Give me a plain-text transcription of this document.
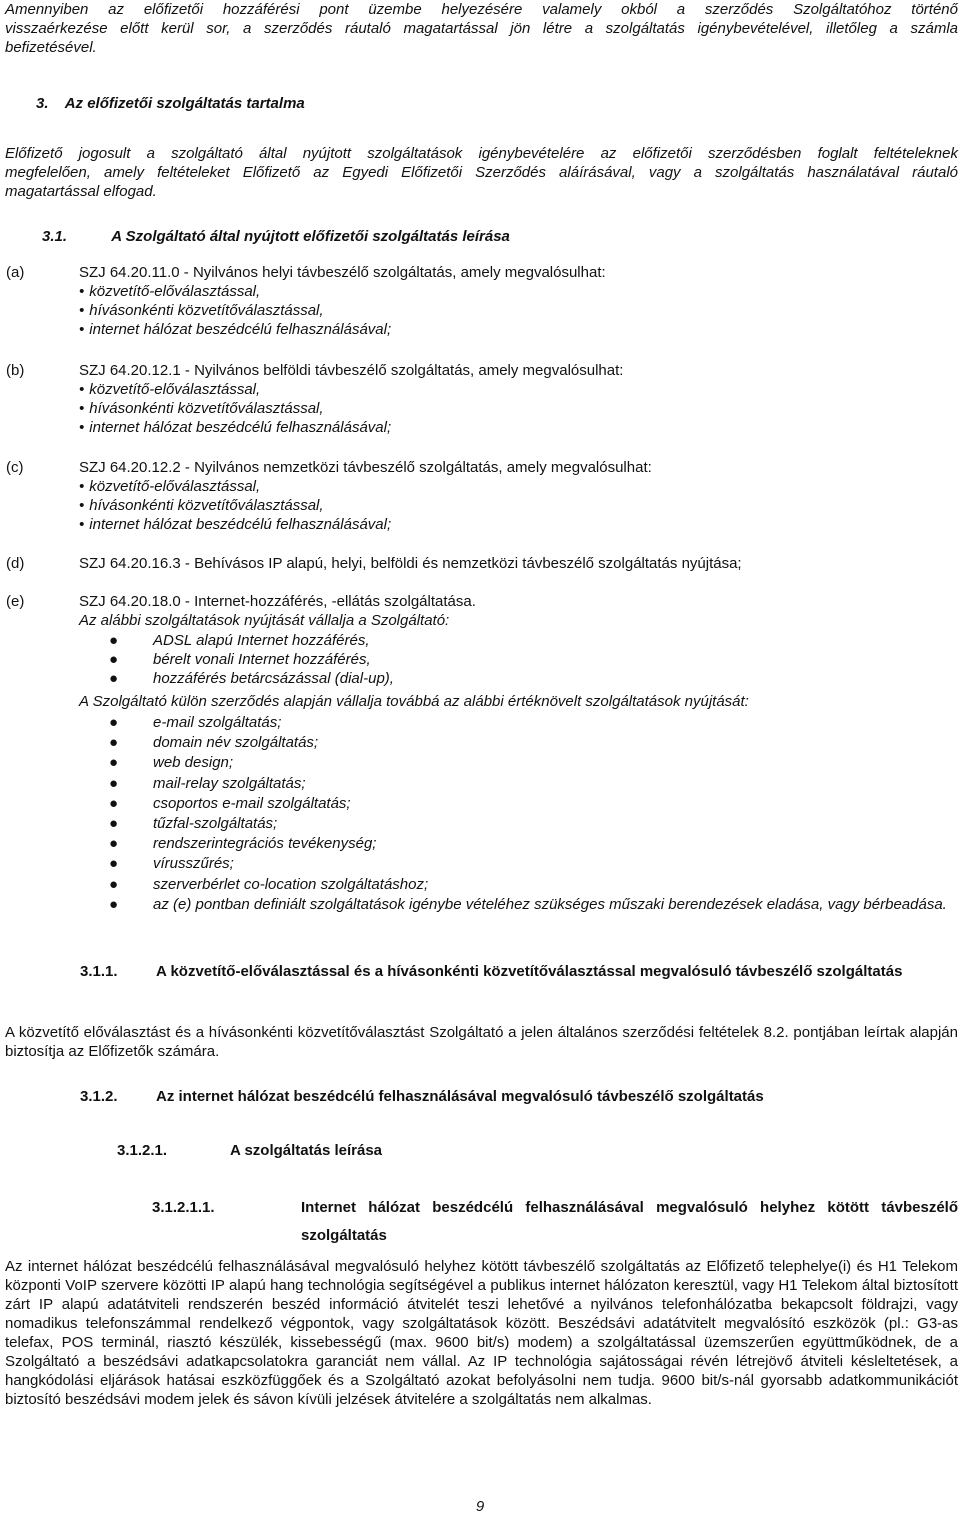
Amennyiben az előfizetői hozzáférési pont üzembe helyezésére valamely okból a szerződés Szolgáltatóhoz történő
visszaérkezése előtt kerül sor, a szerződés ráutaló magatartással jön létre a szolgáltatás igénybevételével, illetőleg a számla
befizetésével.
3. Az előfizetői szolgáltatás tartalma
Előfizető jogosult a szolgáltató által nyújtott szolgáltatások igénybevételére az előfizetői szerződésben foglalt feltételeknek
megfelelően, amely feltételeket Előfizető az Egyedi Előfizetői Szerződés aláírásával, vagy a szolgáltatás használatával ráutaló
magatartással elfogad.
3.1.	A Szolgáltató által nyújtott előfizetői szolgáltatás leírása
(a)	SZJ 64.20.11.0 - Nyilvános helyi távbeszélő szolgáltatás, amely megvalósulhat:
• közvetítő-előválasztással,
• hívásonkénti közvetítőválasztással,
• internet hálózat beszédcélú felhasználásával;
(b)	SZJ 64.20.12.1 - Nyilvános belföldi távbeszélő szolgáltatás, amely megvalósulhat:
• közvetítő-előválasztással,
• hívásonkénti közvetítőválasztással,
• internet hálózat beszédcélú felhasználásával;
(c)	SZJ 64.20.12.2 - Nyilvános nemzetközi távbeszélő szolgáltatás, amely megvalósulhat:
• közvetítő-előválasztással,
• hívásonkénti közvetítőválasztással,
• internet hálózat beszédcélú felhasználásával;
(d)	SZJ 64.20.16.3 - Behívásos IP alapú, helyi, belföldi és nemzetközi távbeszélő szolgáltatás nyújtása;
(e)	SZJ 64.20.18.0 - Internet-hozzáférés, -ellátás szolgáltatása.
Az alábbi szolgáltatások nyújtását vállalja a Szolgáltató:
● ADSL alapú Internet hozzáférés,
● bérelt vonali Internet hozzáférés,
● hozzáférés betárcsázással (dial-up),
A Szolgáltató külön szerződés alapján vállalja továbbá az alábbi értéknövelt szolgáltatások nyújtását:
● e-mail szolgáltatás;
● domain név szolgáltatás;
● web design;
● mail-relay szolgáltatás;
● csoportos e-mail szolgáltatás;
● tűzfal-szolgáltatás;
● rendszerintegrációs tevékenység;
● vírusszűrés;
● szerverbérlet co-location szolgáltatáshoz;
● az (e) pontban definiált szolgáltatások igénybe vételéhez szükséges műszaki berendezések eladása, vagy bérbeadása.
3.1.1.	A közvetítő-előválasztással és a hívásonkénti közvetítőválasztással megvalósuló távbeszélő szolgáltatás
A közvetítő előválasztást és a hívásonkénti közvetítőválasztást Szolgáltató a jelen általános szerződési feltételek 8.2. pontjában leírtak alapján biztosítja az Előfizetők számára.
3.1.2.	Az internet hálózat beszédcélú felhasználásával megvalósuló távbeszélő szolgáltatás
3.1.2.1.	A szolgáltatás leírása
3.1.2.1.1.	Internet hálózat beszédcélú felhasználásával megvalósuló helyhez kötött távbeszélő szolgáltatás
Az internet hálózat beszédcélú felhasználásával megvalósuló helyhez kötött távbeszélő szolgáltatás az Előfizető telephelye(i) és H1 Telekom központi VoIP szervere közötti IP alapú hang technológia segítségével a publikus internet hálózaton keresztül, vagy H1 Telekom által biztosított zárt IP alapú adatátviteli rendszerén beszéd információ átvitelét teszi lehetővé a nyilvános telefonhálózatba bekapcsolt földrajzi, vagy nomadikus telefonszámmal rendelkező végpontok, vagy szolgáltatások között. Beszédsávi adatátvitelt megvalósító eszközök (pl.: G3-as telefax, POS terminál, riasztó készülék, kissebességű (max. 9600 bit/s) modem) a szolgáltatással üzemszerűen együttműködnek, de a Szolgáltató a beszédsávi adatkapcsolatokra garanciát nem vállal. Az IP technológia sajátosságai révén létrejövő átviteli késleltetések, a hangkódolási eljárások hatásai eszközfüggőek és a Szolgáltató azokat befolyásolni nem tudja. 9600 bit/s-nál gyorsabb adatkommunikációt biztosító beszédsávi modem jelek és sávon kívüli jelzések átvitelére a szolgáltatás nem alkalmas.
9
